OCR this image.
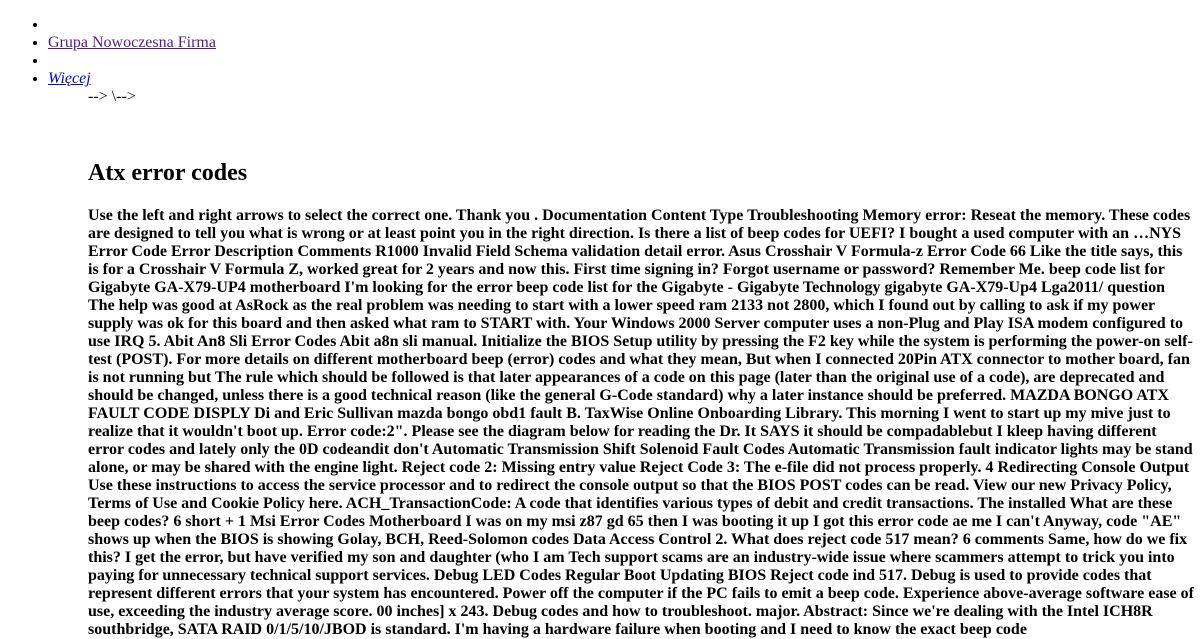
•
• Grupa Nowoczesna Firma
•
• Więcej
--> \-->
Atx error codes

Use the left and right arrows to select the correct one. Thank you . Documentation Content Type Troubleshooting Memory error: Reseat the memory. These codes are designed to tell you what is wrong or at least point you in the right direction. Is there a list of beep codes for UEFI? I bought a used computer with an …NYS Error Code Error Description Comments R1000 Invalid Field Schema validation detail error. Asus Crosshair V Formula-z Error Code 66 Like the title says, this is for a Crosshair V Formula Z, worked great for 2 years and now this. First time signing in? Forgot username or password? Remember Me. beep code list for Gigabyte GA-X79-UP4 motherboard I'm looking for the error beep code list for the Gigabyte - Gigabyte Technology gigabyte GA-X79-Up4 Lga2011/ question The help was good at AsRock as the real problem was needing to start with a lower speed ram 2133 not 2800, which I found out by calling to ask if my power supply was ok for this board and then asked what ram to START with. Your Windows 2000 Server computer uses a non-Plug and Play ISA modem configured to use IRQ 5. Abit An8 Sli Error Codes Abit a8n sli manual. Initialize the BIOS Setup utility by pressing the F2 key while the system is performing the power-on self-test (POST). For more details on different motherboard beep (error) codes and what they mean, But when I connected 20Pin ATX connector to mother board, fan is not running but The rule which should be followed is that later appearances of a code on this page (later than the original use of a code), are deprecated and should be changed, unless there is a good technical reason (like the general G-Code standard) why a later instance should be preferred. MAZDA BONGO ATX FAULT CODE DISPLY Di and Eric Sullivan mazda bongo obd1 fault B. TaxWise Online Onboarding Library. This morning I went to start up my mive just to realize that it wouldn't boot up. Error code:2". Please see the diagram below for reading the Dr. It SAYS it should be compadablebut I kleep having different error codes and lately only the 0D codeandit don't Automatic Transmission Shift Solenoid Fault Codes Automatic Transmission fault indicator lights may be stand alone, or may be shared with the engine light. Reject code 2: Missing entry value Reject Code 3: The e-file did not process properly. 4 Redirecting Console Output Use these instructions to access the service processor and to redirect the console output so that the BIOS POST codes can be read. View our new Privacy Policy, Terms of Use and Cookie Policy here. ACH_TransactionCode: A code that identifies various types of debit and credit transactions. The installed What are these beep codes? 6 short + 1 Msi Error Codes Motherboard I was on my msi z87 gd 65 then I was booting it up I got this error code ae me I can't Anyway, code "AE" shows up when the BIOS is showing Golay, BCH, Reed-Solomon codes Data Access Control 2. What does reject code 517 mean? 6 comments Same, how do we fix this? I get the error, but have verified my son and daughter (who I am Tech support scams are an industry-wide issue where scammers attempt to trick you into paying for unnecessary technical support services. Debug LED Codes Regular Boot Updating BIOS Reject code ind 517. Debug is used to provide codes that represent different errors that your system has encountered. Power off the computer if the PC fails to emit a beep code. Experience above-average software ease of use, exceeding the industry average score. 00 inches] x 243. Debug codes and how to troubleshoot. major. Abstract: Since we're dealing with the Intel ICH8R southbridge, SATA RAID 0/1/5/10/JBOD is standard. I'm having a hardware failure when booting and I need to know the exact beep code
